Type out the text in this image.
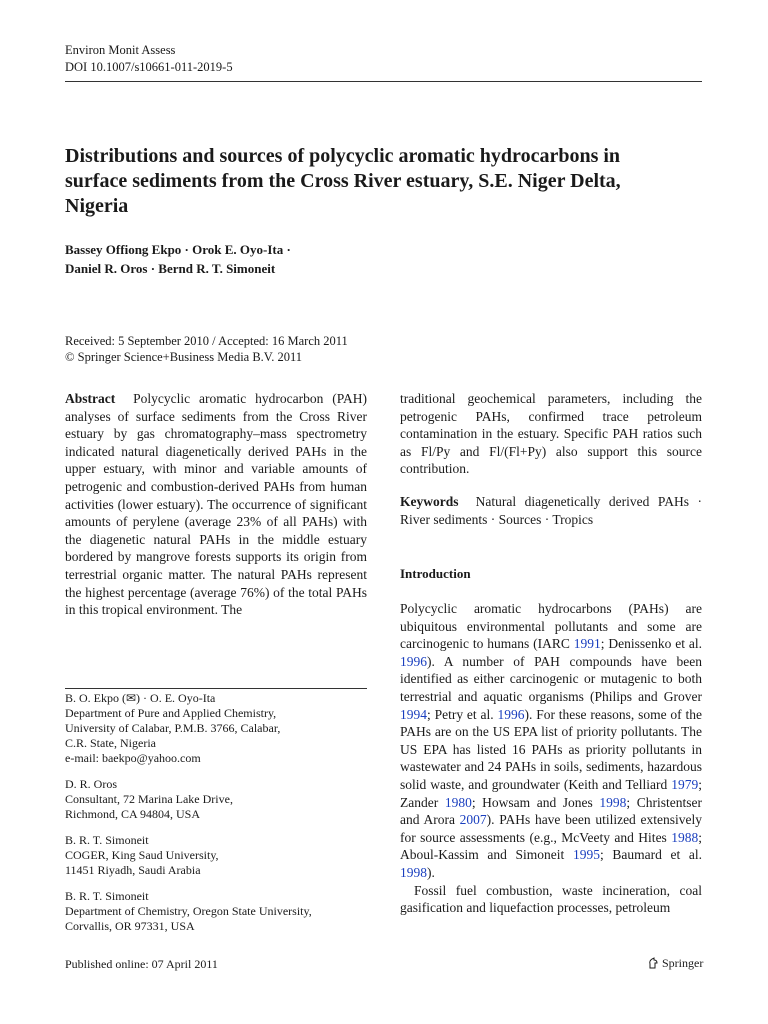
Environ Monit Assess
DOI 10.1007/s10661-011-2019-5
Distributions and sources of polycyclic aromatic hydrocarbons in surface sediments from the Cross River estuary, S.E. Niger Delta, Nigeria
Bassey Offiong Ekpo · Orok E. Oyo-Ita ·
Daniel R. Oros · Bernd R. T. Simoneit
Received: 5 September 2010 / Accepted: 16 March 2011
© Springer Science+Business Media B.V. 2011

Abstract Polycyclic aromatic hydrocarbon (PAH) analyses of surface sediments from the Cross River estuary by gas chromatography–mass spectrometry indicated natural diagenetically derived PAHs in the upper estuary, with minor and variable amounts of petrogenic and combustion-derived PAHs from human activities (lower estuary). The occurrence of significant amounts of perylene (average 23% of all PAHs) with the diagenetic natural PAHs in the middle estuary bordered by mangrove forests supports its origin from terrestrial organic matter. The natural PAHs represent the highest percentage (average 76%) of the total PAHs in this tropical environment. The

traditional geochemical parameters, including the petrogenic PAHs, confirmed trace petroleum contamination in the estuary. Specific PAH ratios such as Fl/Py and Fl/(Fl+Py) also support this source contribution.

Keywords Natural diagenetically derived PAHs · River sediments · Sources · Tropics

Introduction

Polycyclic aromatic hydrocarbons (PAHs) are ubiquitous environmental pollutants and some are carcinogenic to humans (IARC 1991; Denissenko et al. 1996). A number of PAH compounds have been identified as either carcinogenic or mutagenic to both terrestrial and aquatic organisms (Philips and Grover 1994; Petry et al. 1996). For these reasons, some of the PAHs are on the US EPA list of priority pollutants. The US EPA has listed 16 PAHs as priority pollutants in wastewater and 24 PAHs in soils, sediments, hazardous solid waste, and groundwater (Keith and Telliard 1979; Zander 1980; Howsam and Jones 1998; Christentser and Arora 2007). PAHs have been utilized extensively for source assessments (e.g., McVeety and Hites 1988; Aboul-Kassim and Simoneit 1995; Baumard et al. 1998).

Fossil fuel combustion, waste incineration, coal gasification and liquefaction processes, petroleum

B. O. Ekpo (✉) · O. E. Oyo-Ita
Department of Pure and Applied Chemistry,
University of Calabar, P.M.B. 3766, Calabar,
C.R. State, Nigeria
e-mail: baekpo@yahoo.com
D. R. Oros
Consultant, 72 Marina Lake Drive,
Richmond, CA 94804, USA
B. R. T. Simoneit
COGER, King Saud University,
11451 Riyadh, Saudi Arabia
B. R. T. Simoneit
Department of Chemistry, Oregon State University,
Corvallis, OR 97331, USA
Published online: 07 April 2011	Springer
